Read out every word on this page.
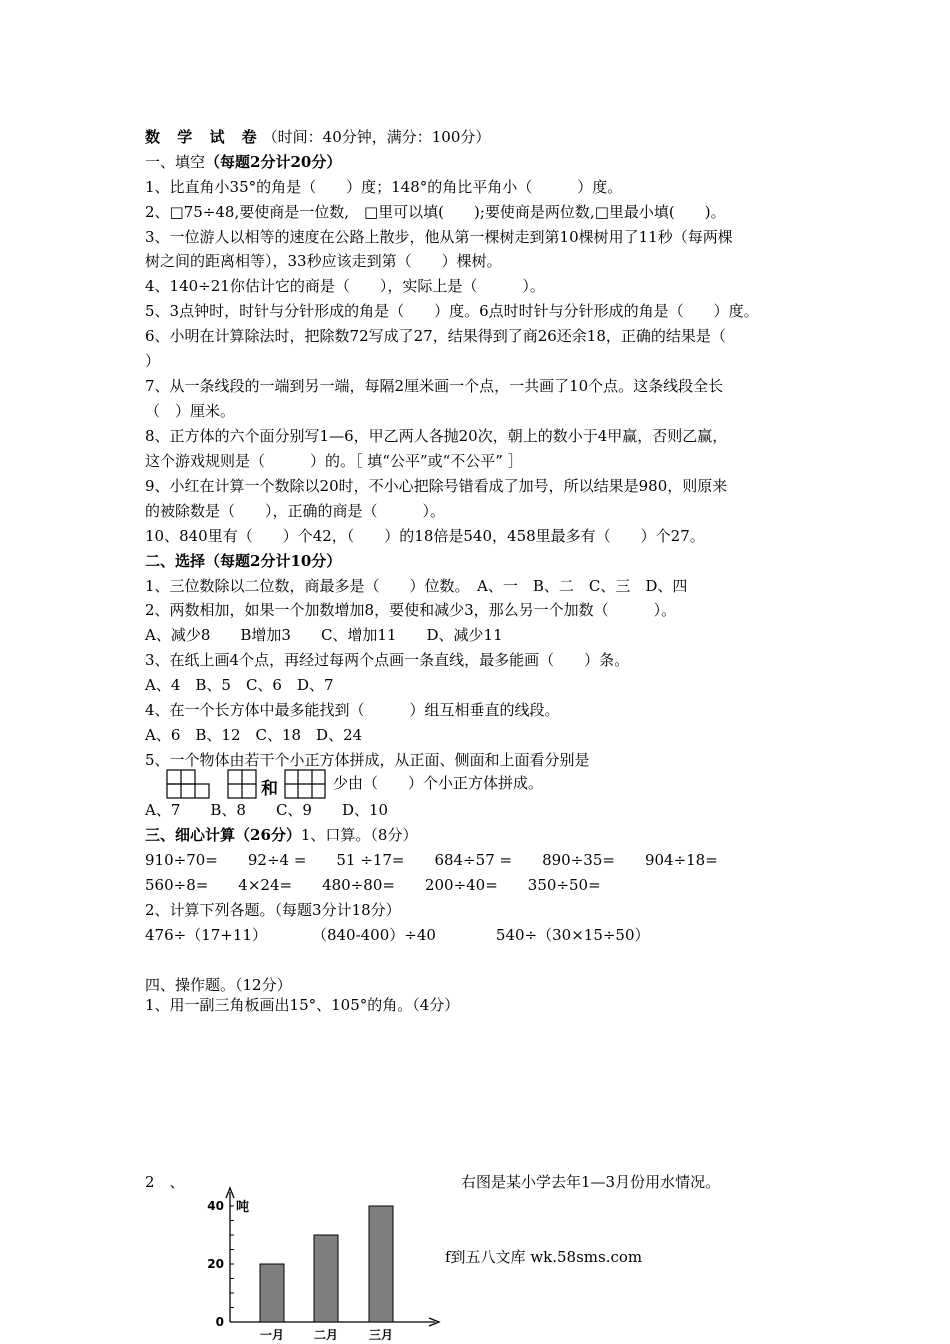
数 学 试 卷（时间：40分钟，满分：100分）
一、填空（每题2分计20分）
1、比直角小35°的角是（　　）度；148°的角比平角小（　　　）度。
2、□75÷48,要使商是一位数,　□里可以填(　　);要使商是两位数,□里最小填(　　)。
3、一位游人以相等的速度在公路上散步，他从第一棵树走到第10棵树用了11秒（每两棵
树之间的距离相等），33秒应该走到第（　　）棵树。
4、140÷21你估计它的商是（　　），实际上是（　　　）。
5、3点钟时，时针与分针形成的角是（　　）度。6点时时针与分针形成的角是（　　）度。
6、小明在计算除法时，把除数72写成了27，结果得到了商26还余18，正确的结果是（
）
7、从一条线段的一端到另一端，每隔2厘米画一个点，一共画了10个点。这条线段全长
（　）厘米。
8、正方体的六个面分别写1—6，甲乙两人各抛20次，朝上的数小于4甲赢，否则乙赢，
这个游戏规则是（　　　）的。［ 填“公平”或“不公平” ］
9、小红在计算一个数除以20时，不小心把除号错看成了加号，所以结果是980，则原来
的被除数是（　　），正确的商是（　　　）。
10、840里有（　　）个42，（　　）的18倍是540，458里最多有（　　）个27。
二、选择（每题2分计10分）
1、三位数除以二位数，商最多是（　　）位数。　A、一　B、二　C、三　D、四
2、两数相加，如果一个加数增加8，要使和减少3，那么另一个加数（　　　）。
A、减少8　　B增加3　　C、增加11　　D、减少11
3、在纸上画4个点，再经过每两个点画一条直线，最多能画（　　）条。
A、4　B、5　C、6　D、7
4、在一个长方体中最多能找到（　　　）组互相垂直的线段。
A、6　B、12　C、18　D、24
5、一个物体由若干个小正方体拼成，从正面、侧面和上面看分别是
A、7　　B、8　　C、9　　D、10
三、细心计算（26分）1、口算。（8分）
910÷70=　　92÷4 =　　51 ÷17=　　684÷57 =　　890÷35=　　904÷18=
560÷8=　　4×24=　　480÷80=　　200÷40=　　350÷50=
2、计算下列各题。（每题3分计18分）
476÷（17+11）　　　　（840-400）÷40　　　　540÷（30×15÷50）
四、操作题。（12分）
1、用一副三角板画出15°、105°的角。（4分）
和	少由（　　）个小正方体拼成。
2　、	右图是某小学去年1—3月份用水情况。
f到五八文库 wk.58sms.com
0
20
40 吨
一月 二月	三月
